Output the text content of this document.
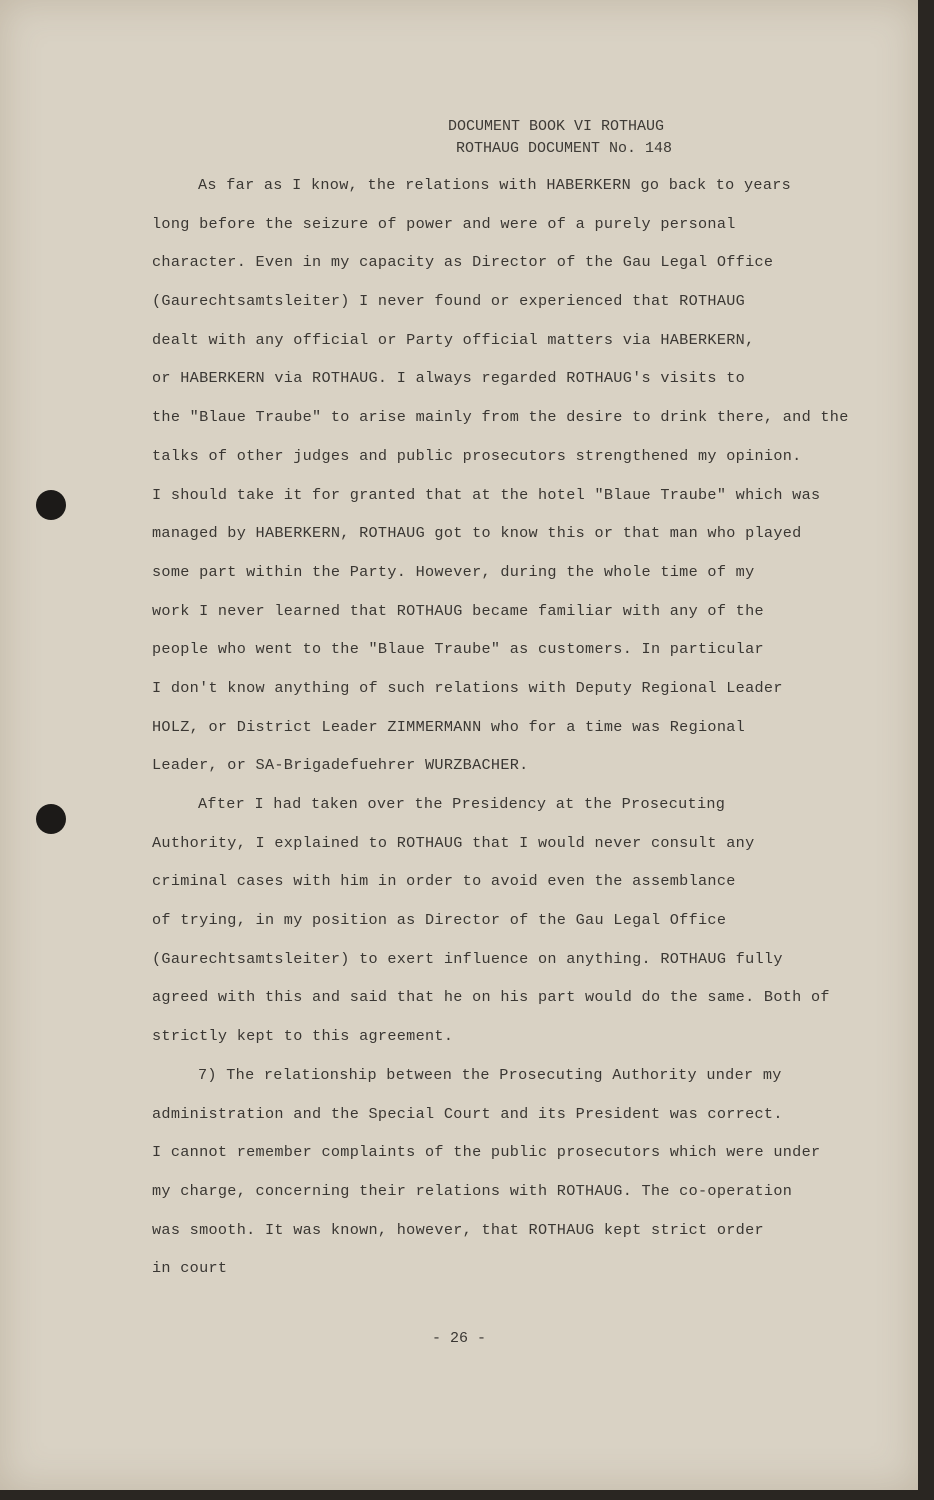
DOCUMENT BOOK VI ROTHAUG
ROTHAUG DOCUMENT No. 148
As far as I know, the relations with HABERKERN go back to years
long before the seizure of power and were of a purely personal
character. Even in my capacity as Director of the Gau Legal Office
(Gaurechtsamtsleiter) I never found or experienced that ROTHAUG
dealt with any official or Party official matters via HABERKERN,
or HABERKERN via ROTHAUG. I always regarded ROTHAUG's visits to
the "Blaue Traube" to arise mainly from the desire to drink there, and the
talks of other judges and public prosecutors strengthened my opinion.
I should take it for granted that at the hotel "Blaue Traube" which was
managed by HABERKERN, ROTHAUG got to know this or that man who played
some part within the Party. However, during the whole time of my
work I never learned that ROTHAUG became familiar with any of the
people who went to the "Blaue Traube" as customers. In particular
I don't know anything of such relations with Deputy Regional Leader
HOLZ, or District Leader ZIMMERMANN who for a time was Regional
Leader, or SA-Brigadefuehrer WURZBACHER.
After I had taken over the Presidency at the Prosecuting
Authority, I explained to ROTHAUG that I would never consult any
criminal cases with him in order to avoid even the assemblance
of trying, in my position as Director of the Gau Legal Office
(Gaurechtsamtsleiter) to exert influence on anything. ROTHAUG fully
agreed with this and said that he on his part would do the same. Both of
strictly kept to this agreement.
7) The relationship between the Prosecuting Authority under my
administration and the Special Court and its President was correct.
I cannot remember complaints of the public prosecutors which were under
my charge, concerning their relations with ROTHAUG. The co-operation
was smooth. It was known, however, that ROTHAUG kept strict order
in court
- 26 -
